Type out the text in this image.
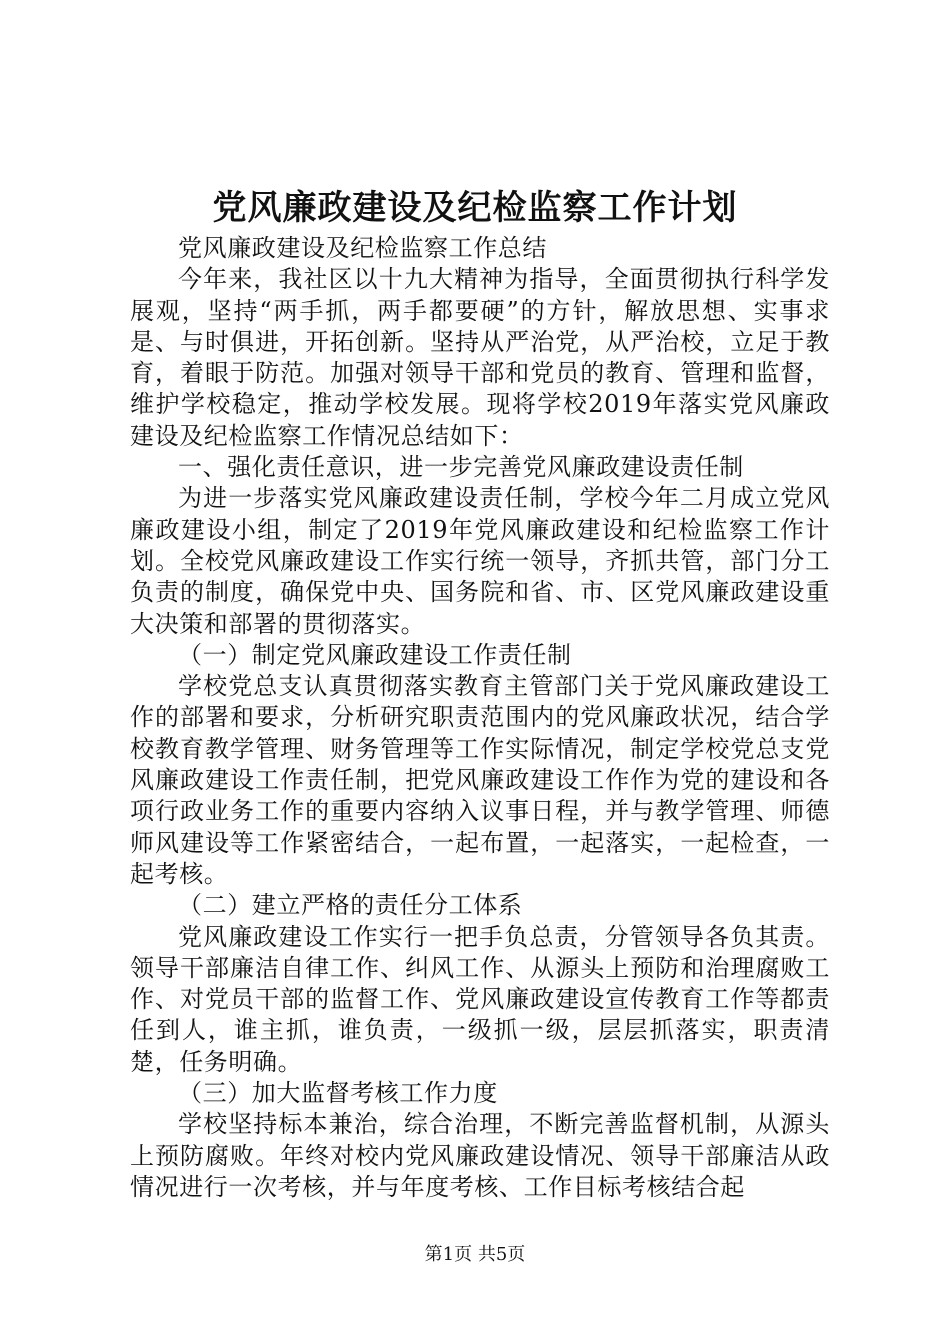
党风廉政建设及纪检监察工作计划

党风廉政建设及纪检监察工作总结

今年来，我社区以十九大精神为指导，全面贯彻执行科学发展观，坚持“两手抓，两手都要硬”的方针，解放思想、实事求是、与时俱进，开拓创新。坚持从严治党，从严治校，立足于教育，着眼于防范。加强对领导干部和党员的教育、管理和监督，维护学校稳定，推动学校发展。现将学校2019年落实党风廉政建设及纪检监察工作情况总结如下：

一、强化责任意识，进一步完善党风廉政建设责任制

为进一步落实党风廉政建设责任制，学校今年二月成立党风廉政建设小组，制定了2019年党风廉政建设和纪检监察工作计划。全校党风廉政建设工作实行统一领导，齐抓共管，部门分工负责的制度，确保党中央、国务院和省、市、区党风廉政建设重大决策和部署的贯彻落实。

（一）制定党风廉政建设工作责任制

学校党总支认真贯彻落实教育主管部门关于党风廉政建设工作的部署和要求，分析研究职责范围内的党风廉政状况，结合学校教育教学管理、财务管理等工作实际情况，制定学校党总支党风廉政建设工作责任制，把党风廉政建设工作作为党的建设和各项行政业务工作的重要内容纳入议事日程，并与教学管理、师德师风建设等工作紧密结合，一起布置，一起落实，一起检查，一起考核。

（二）建立严格的责任分工体系

党风廉政建设工作实行一把手负总责，分管领导各负其责。领导干部廉洁自律工作、纠风工作、从源头上预防和治理腐败工作、对党员干部的监督工作、党风廉政建设宣传教育工作等都责任到人，谁主抓，谁负责，一级抓一级，层层抓落实，职责清楚，任务明确。

（三）加大监督考核工作力度

学校坚持标本兼治，综合治理，不断完善监督机制，从源头上预防腐败。年终对校内党风廉政建设情况、领导干部廉洁从政情况进行一次考核，并与年度考核、工作目标考核结合起

第1页 共5页
